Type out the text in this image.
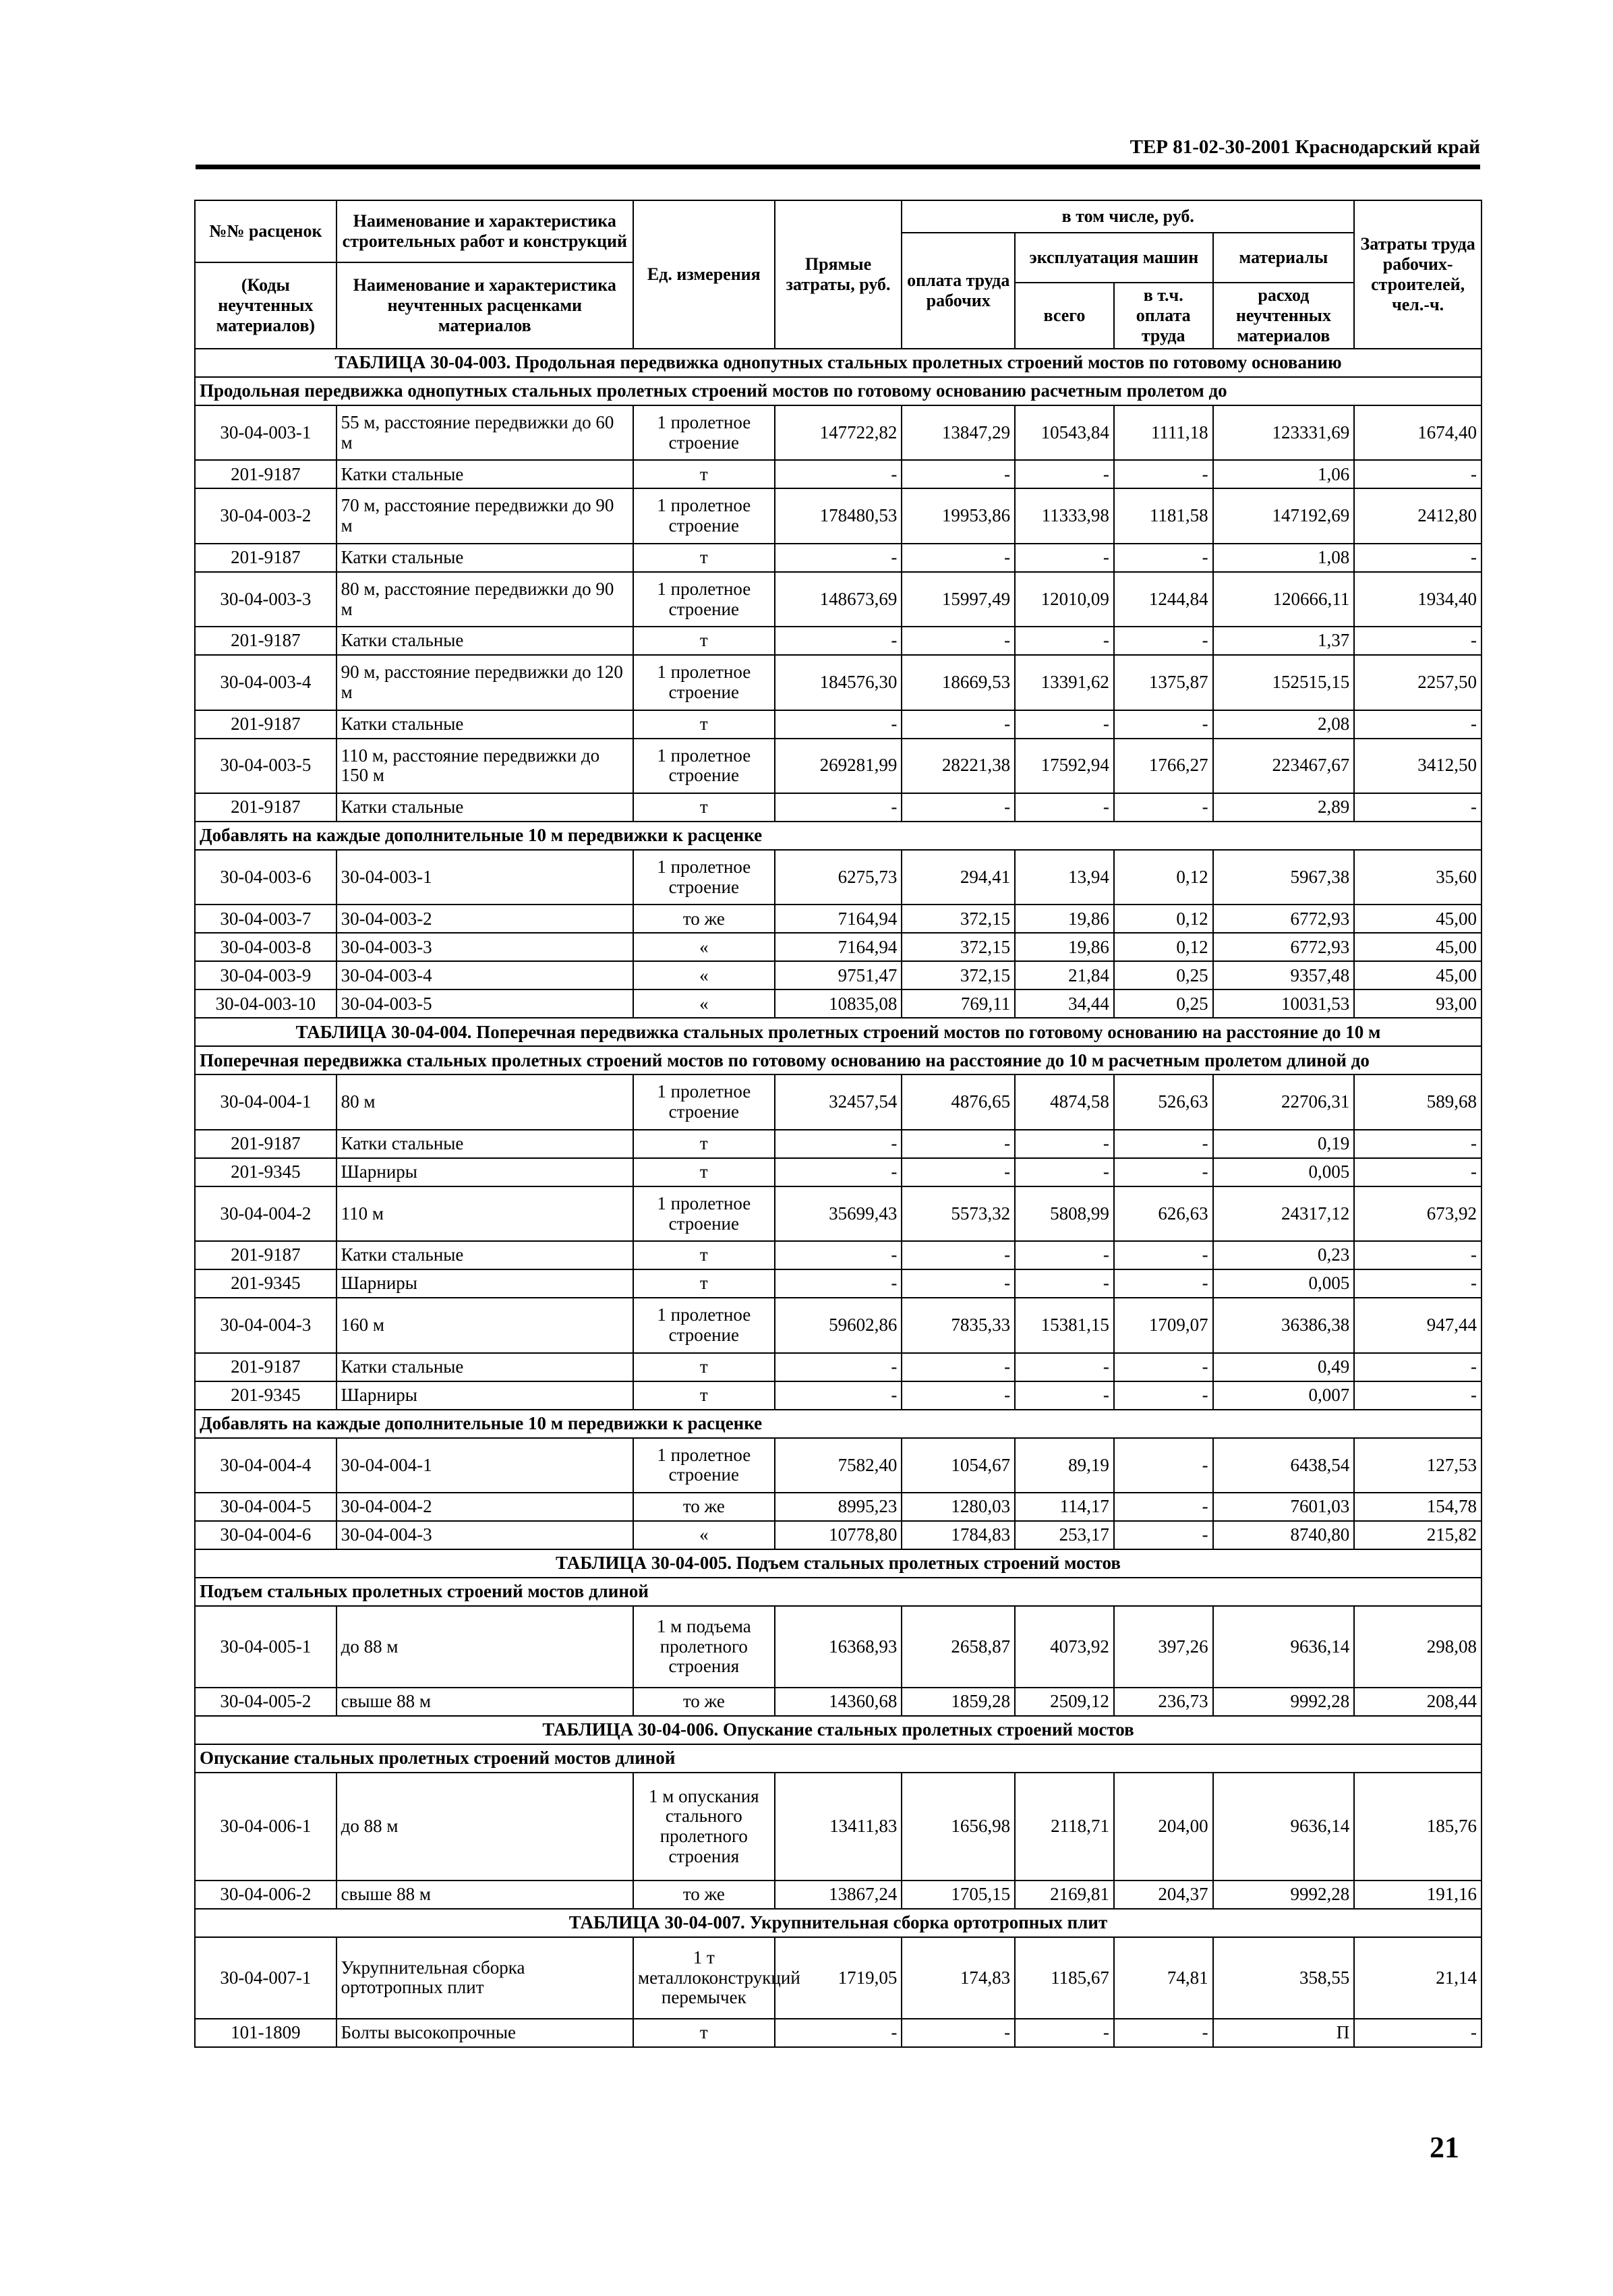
ТЕР 81-02-30-2001 Краснодарский край
№№ расценок	Наименование и характеристика строительных работ и конструкций	Ед. измерения	Прямые затраты, руб.	в том числе, руб.				Затраты труда рабочих-строителей, чел.-ч.
				оплата труда рабочих	эксплуатация машин		материалы	
(Коды неучтенных материалов)	Наименование и характеристика неучтенных расценками материалов							
					всего	в т.ч. оплата труда	расход неучтенных материалов	
ТАБЛИЦА 30-04-003. Продольная передвижка однопутных стальных пролетных строений мостов по готовому основанию								
Продольная передвижка однопутных стальных пролетных строений мостов по готовому основанию расчетным пролетом до								
30-04-003-1	55 м, расстояние передвижки до 60 м	1 пролетное строение	147722,82	13847,29	10543,84	1111,18	123331,69	1674,40
201-9187	Катки стальные	т	-	-	-	-	1,06	-
30-04-003-2	70 м, расстояние передвижки до 90 м	1 пролетное строение	178480,53	19953,86	11333,98	1181,58	147192,69	2412,80
201-9187	Катки стальные	т	-	-	-	-	1,08	-
30-04-003-3	80 м, расстояние передвижки до 90 м	1 пролетное строение	148673,69	15997,49	12010,09	1244,84	120666,11	1934,40
201-9187	Катки стальные	т	-	-	-	-	1,37	-
30-04-003-4	90 м, расстояние передвижки до 120 м	1 пролетное строение	184576,30	18669,53	13391,62	1375,87	152515,15	2257,50
201-9187	Катки стальные	т	-	-	-	-	2,08	-
30-04-003-5	110 м, расстояние передвижки до 150 м	1 пролетное строение	269281,99	28221,38	17592,94	1766,27	223467,67	3412,50
201-9187	Катки стальные	т	-	-	-	-	2,89	-
Добавлять на каждые дополнительные 10 м передвижки к расценке								
30-04-003-6	30-04-003-1	1 пролетное строение	6275,73	294,41	13,94	0,12	5967,38	35,60
30-04-003-7	30-04-003-2	то же	7164,94	372,15	19,86	0,12	6772,93	45,00
30-04-003-8	30-04-003-3	«	7164,94	372,15	19,86	0,12	6772,93	45,00
30-04-003-9	30-04-003-4	«	9751,47	372,15	21,84	0,25	9357,48	45,00
30-04-003-10	30-04-003-5	«	10835,08	769,11	34,44	0,25	10031,53	93,00
ТАБЛИЦА 30-04-004. Поперечная передвижка стальных пролетных строений мостов по готовому основанию на расстояние до 10 м								
Поперечная передвижка стальных пролетных строений мостов по готовому основанию на расстояние до 10 м расчетным пролетом длиной до								
30-04-004-1	80 м	1 пролетное строение	32457,54	4876,65	4874,58	526,63	22706,31	589,68
201-9187	Катки стальные	т	-	-	-	-	0,19	-
201-9345	Шарниры	т	-	-	-	-	0,005	-
30-04-004-2	110 м	1 пролетное строение	35699,43	5573,32	5808,99	626,63	24317,12	673,92
201-9187	Катки стальные	т	-	-	-	-	0,23	-
201-9345	Шарниры	т	-	-	-	-	0,005	-
30-04-004-3	160 м	1 пролетное строение	59602,86	7835,33	15381,15	1709,07	36386,38	947,44
201-9187	Катки стальные	т	-	-	-	-	0,49	-
201-9345	Шарниры	т	-	-	-	-	0,007	-
Добавлять на каждые дополнительные 10 м передвижки к расценке								
30-04-004-4	30-04-004-1	1 пролетное строение	7582,40	1054,67	89,19	-	6438,54	127,53
30-04-004-5	30-04-004-2	то же	8995,23	1280,03	114,17	-	7601,03	154,78
30-04-004-6	30-04-004-3	«	10778,80	1784,83	253,17	-	8740,80	215,82
ТАБЛИЦА 30-04-005. Подъем стальных пролетных строений мостов								
Подъем стальных пролетных строений мостов длиной								
30-04-005-1	до 88 м	1 м подъема пролетного строения	16368,93	2658,87	4073,92	397,26	9636,14	298,08
30-04-005-2	свыше 88 м	то же	14360,68	1859,28	2509,12	236,73	9992,28	208,44
ТАБЛИЦА 30-04-006. Опускание стальных пролетных строений мостов								
Опускание стальных пролетных строений мостов длиной								
30-04-006-1	до 88 м	1 м опускания стального пролетного строения	13411,83	1656,98	2118,71	204,00	9636,14	185,76
30-04-006-2	свыше 88 м	то же	13867,24	1705,15	2169,81	204,37	9992,28	191,16
ТАБЛИЦА 30-04-007. Укрупнительная сборка ортотропных плит								
30-04-007-1	Укрупнительная сборка ортотропных плит	1 т металлоконструкций перемычек	1719,05	174,83	1185,67	74,81	358,55	21,14
101-1809	Болты высокопрочные	т	-	-	-	-	П	-
21
